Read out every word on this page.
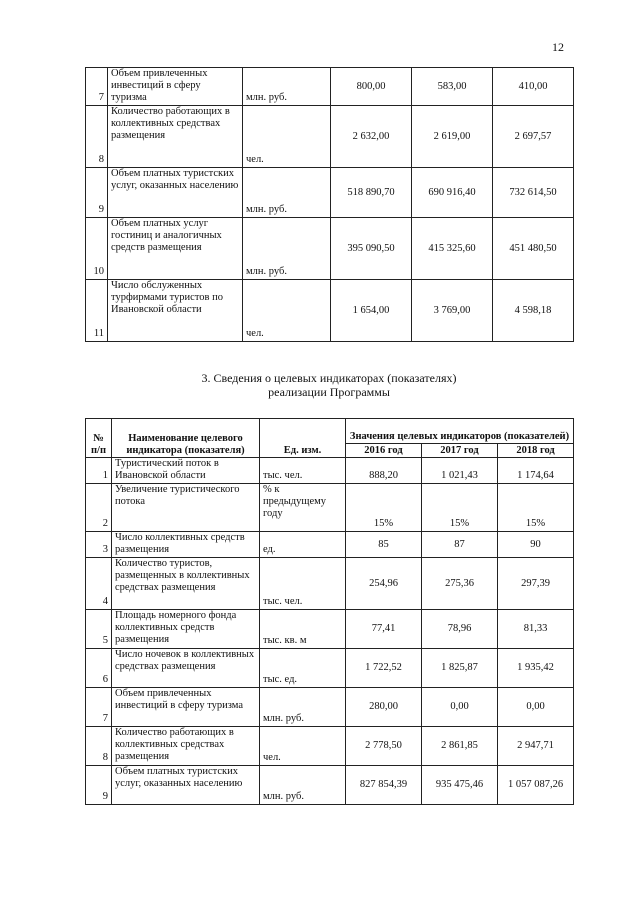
12
7	Объем привлеченных инвестиций в сферу туризма	млн. руб.	800,00	583,00	410,00
8	Количество работающих в коллективных средствах размещения	чел.	2 632,00	2 619,00	2 697,57
9	Объем платных туристских услуг, оказанных населению	млн. руб.	518 890,70	690 916,40	732 614,50
10	Объем платных услуг гостиниц и аналогичных средств размещения	млн. руб.	395 090,50	415 325,60	451 480,50
11	Число обслуженных турфирмами туристов по Ивановской области	чел.	1 654,00	3 769,00	4 598,18
3. Сведения о целевых индикаторах (показателях)
реализации Программы
№ п/п	Наименование целевого индикатора (показателя)	Ед. изм.	Значения целевых индикаторов (показателей)		
			2016 год	2017 год	2018 год
1	Туристический поток в Ивановской области	тыс. чел.	888,20	1 021,43	1 174,64
2	Увеличение туристического потока	% к предыдущему году	15%	15%	15%
3	Число коллективных средств размещения	ед.	85	87	90
4	Количество туристов, размещенных в коллективных средствах размещения	тыс. чел.	254,96	275,36	297,39
5	Площадь номерного фонда коллективных средств размещения	тыс. кв. м	77,41	78,96	81,33
6	Число ночевок в коллективных средствах размещения	тыс. ед.	1 722,52	1 825,87	1 935,42
7	Объем привлеченных инвестиций в сферу туризма	млн. руб.	280,00	0,00	0,00
8	Количество работающих в коллективных средствах размещения	чел.	2 778,50	2 861,85	2 947,71
9	Объем платных туристских услуг, оказанных населению	млн. руб.	827 854,39	935 475,46	1 057 087,26
